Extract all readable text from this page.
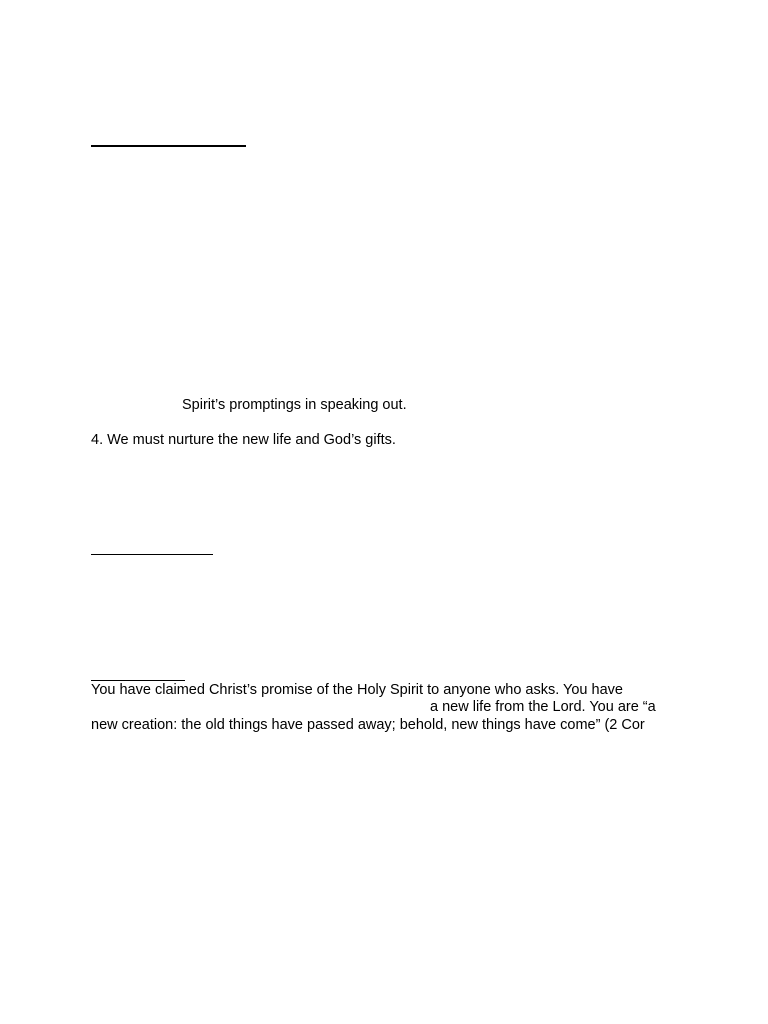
Spirit’s promptings in speaking out.
4. We must nurture the new life and God’s gifts.
You have claimed Christ’s promise of the Holy Spirit to anyone who asks. You have
a new life from the Lord. You are “a
new creation: the old things have passed away; behold, new things have come” (2 Cor
